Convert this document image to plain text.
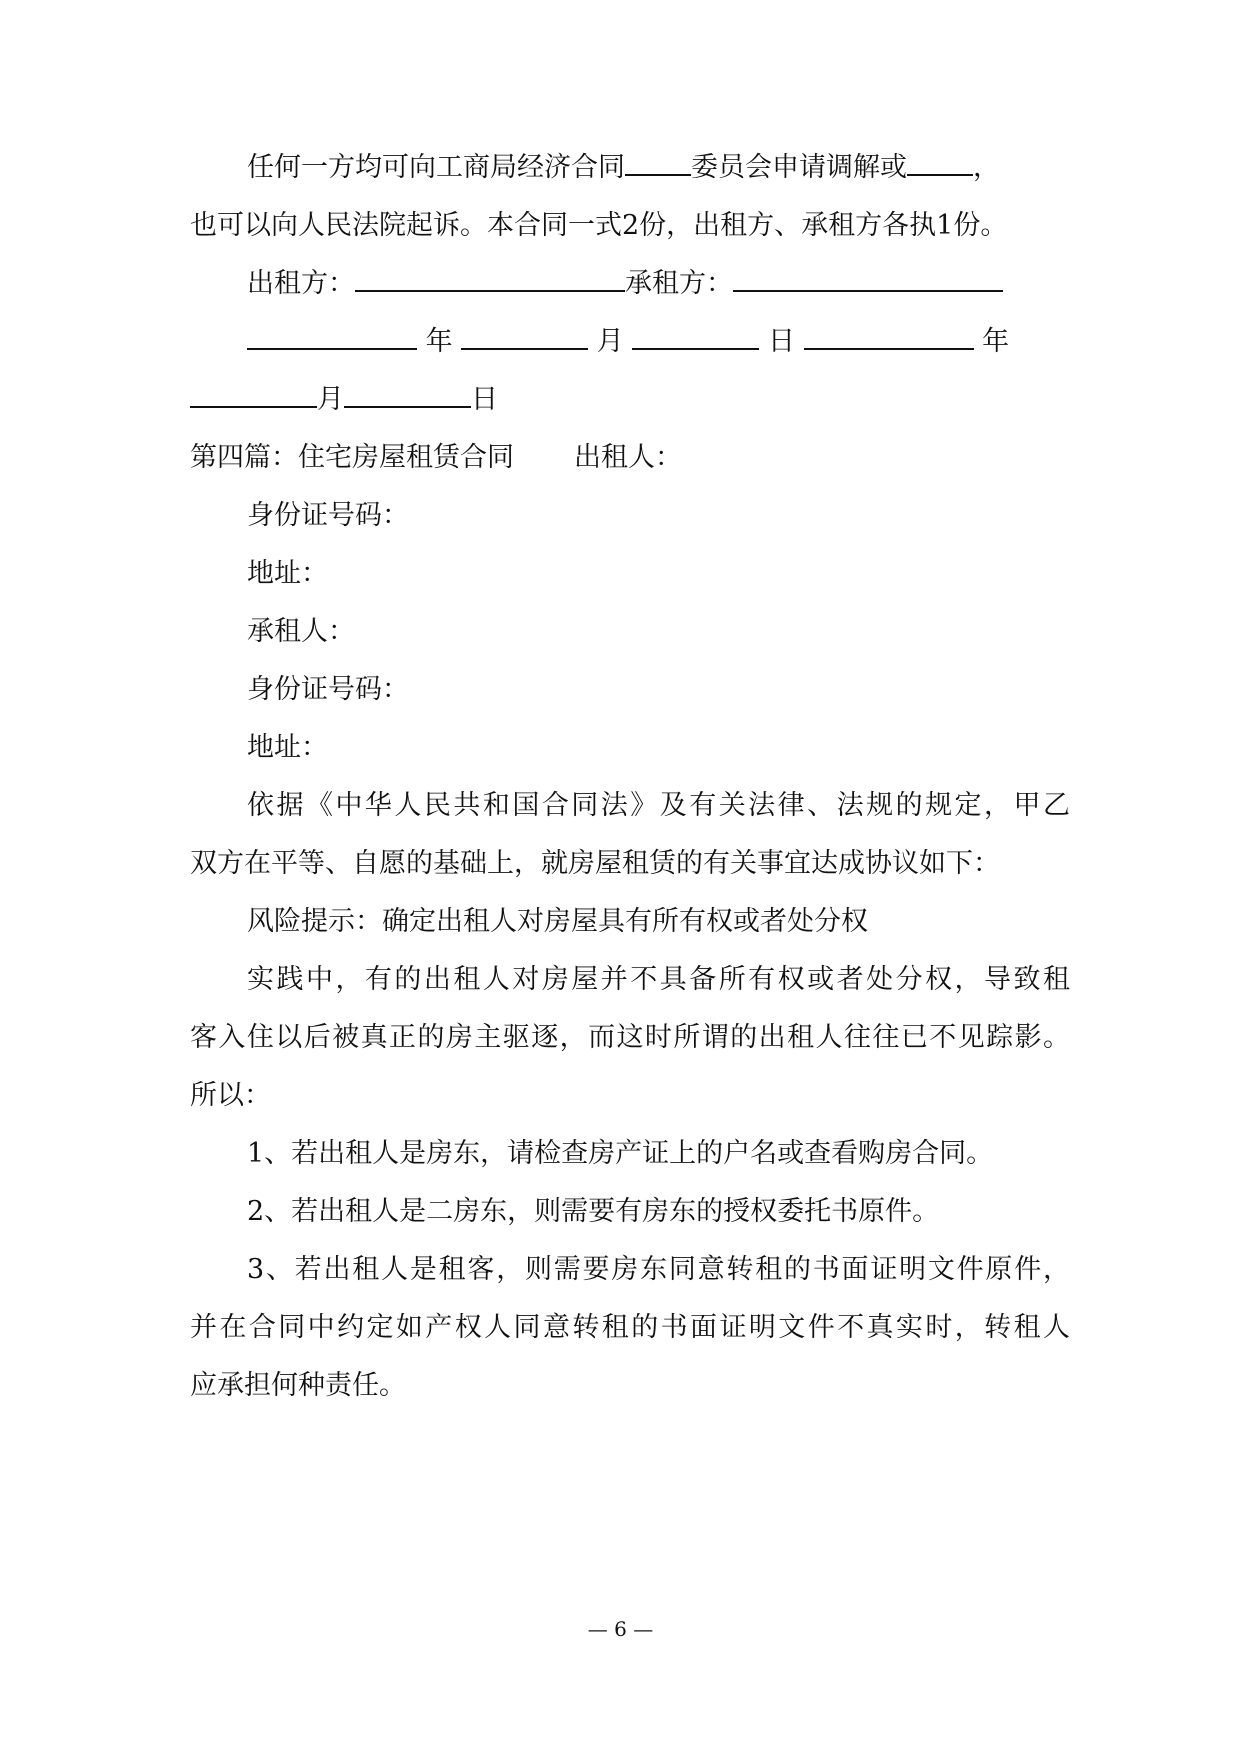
任何一方均可向工商局经济合同 委员会申请调解或 ，
也可以向人民法院起诉。本合同一式2份，出租方、承租方各执1份。
出租方：	承租方：
年	月	日	年
月	日
第四篇：住宅房屋租赁合同 出租人：
身份证号码：
地址：
承租人：
身份证号码：
地址：
依据《中华人民共和国合同法》及有关法律、法规的规定，甲乙
双方在平等、自愿的基础上，就房屋租赁的有关事宜达成协议如下：
风险提示：确定出租人对房屋具有所有权或者处分权
实践中，有的出租人对房屋并不具备所有权或者处分权，导致租
客入住以后被真正的房主驱逐，而这时所谓的出租人往往已不见踪影。
所以：
1、若出租人是房东，请检查房产证上的户名或查看购房合同。
2、若出租人是二房东，则需要有房东的授权委托书原件。
3、若出租人是租客，则需要房东同意转租的书面证明文件原件，
并在合同中约定如产权人同意转租的书面证明文件不真实时，转租人
应承担何种责任。
— 6 —
